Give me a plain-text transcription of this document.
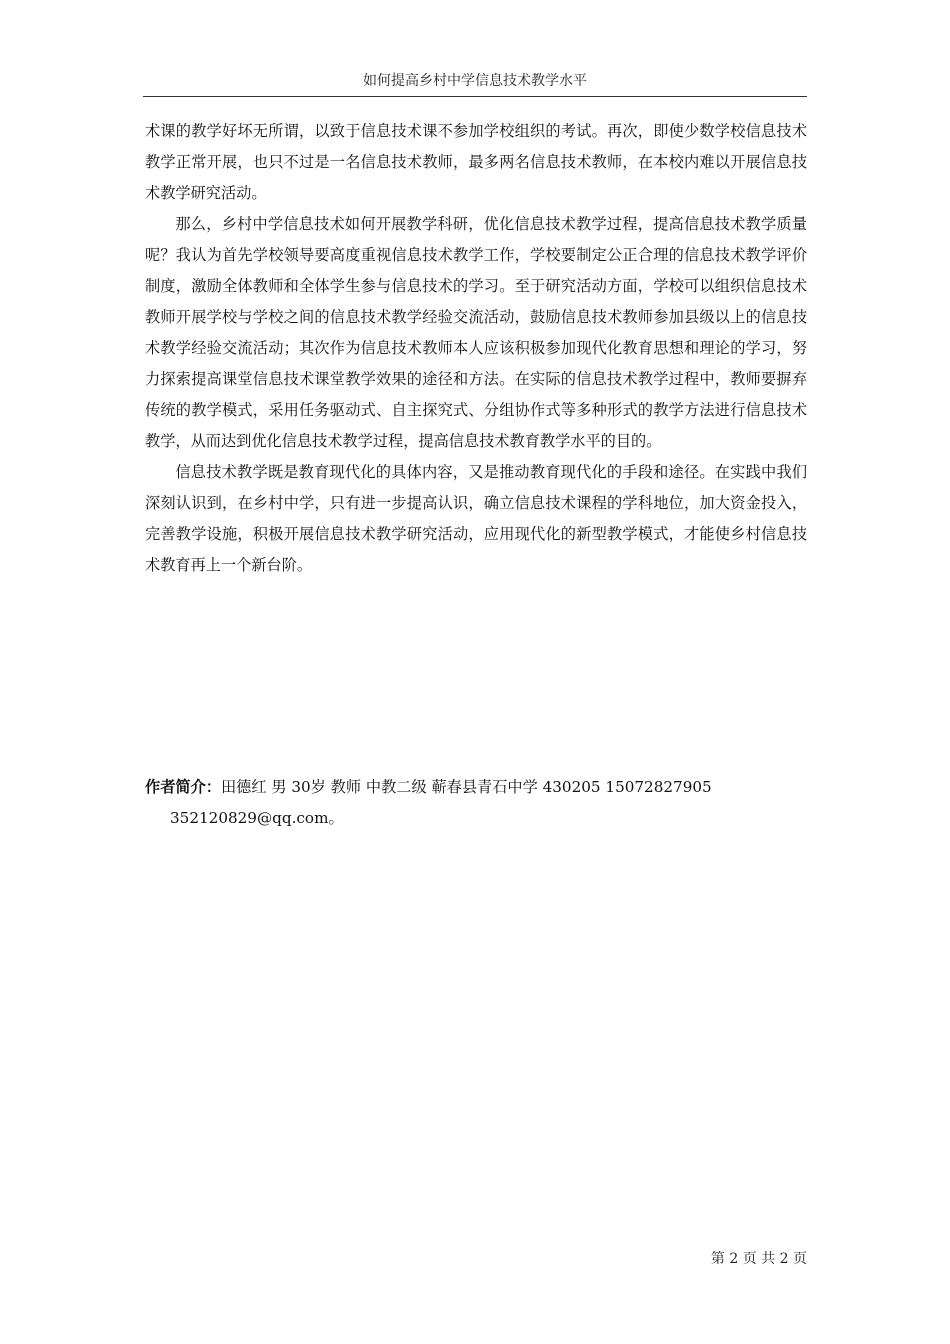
如何提高乡村中学信息技术教学水平

术课的教学好坏无所谓，以致于信息技术课不参加学校组织的考试。再次，即使少数学校信息技术教学正常开展，也只不过是一名信息技术教师，最多两名信息技术教师，在本校内难以开展信息技术教学研究活动。

那么，乡村中学信息技术如何开展教学科研，优化信息技术教学过程，提高信息技术教学质量呢？我认为首先学校领导要高度重视信息技术教学工作，学校要制定公正合理的信息技术教学评价制度，激励全体教师和全体学生参与信息技术的学习。至于研究活动方面，学校可以组织信息技术教师开展学校与学校之间的信息技术教学经验交流活动，鼓励信息技术教师参加县级以上的信息技术教学经验交流活动；其次作为信息技术教师本人应该积极参加现代化教育思想和理论的学习，努力探索提高课堂信息技术课堂教学效果的途径和方法。在实际的信息技术教学过程中，教师要摒弃传统的教学模式，采用任务驱动式、自主探究式、分组协作式等多种形式的教学方法进行信息技术教学，从而达到优化信息技术教学过程，提高信息技术教育教学水平的目的。

信息技术教学既是教育现代化的具体内容，又是推动教育现代化的手段和途径。在实践中我们深刻认识到，在乡村中学，只有进一步提高认识，确立信息技术课程的学科地位，加大资金投入，完善教学设施，积极开展信息技术教学研究活动，应用现代化的新型教学模式，才能使乡村信息技术教育再上一个新台阶。

作者简介：田德红 男 30岁 教师 中教二级 蕲春县青石中学 430205 15072827905
352120829@qq.com。
第 2 页 共 2 页
